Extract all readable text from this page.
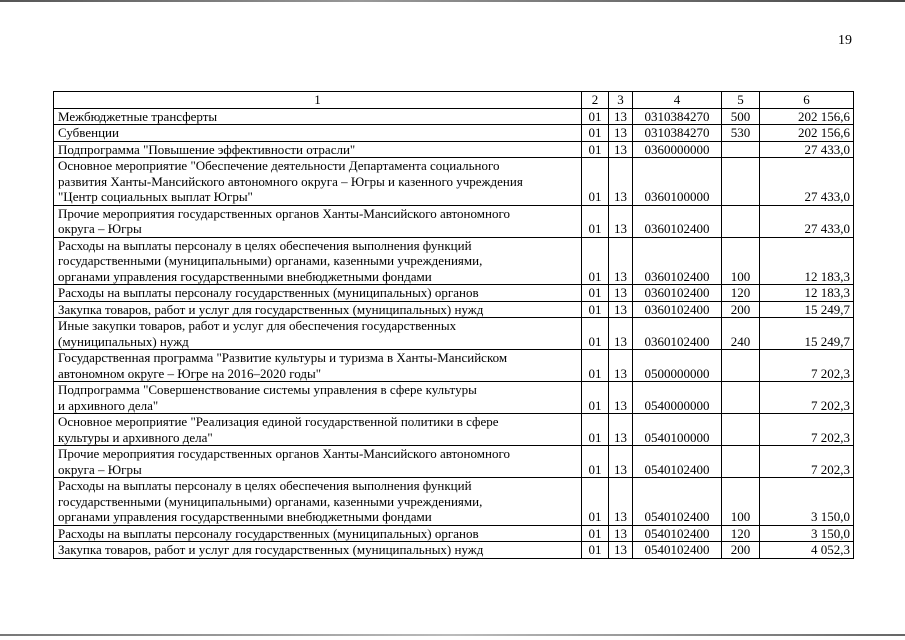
19
1	2	3	4	5	6
Межбюджетные трансферты	01	13	0310384270	500	202 156,6
Субвенции	01	13	0310384270	530	202 156,6
Подпрограмма "Повышение эффективности отрасли"	01	13	0360000000		27 433,0
Основное мероприятие "Обеспечение деятельности Департамента социального
развития Ханты-Мансийского автономного округа – Югры и казенного учреждения
"Центр социальных выплат Югры"	01	13	0360100000		27 433,0
Прочие мероприятия государственных органов Ханты-Мансийского автономного
округа – Югры	01	13	0360102400		27 433,0
Расходы на выплаты персоналу в целях обеспечения выполнения функций
государственными (муниципальными) органами, казенными учреждениями,
органами управления государственными внебюджетными фондами	01	13	0360102400	100	12 183,3
Расходы на выплаты персоналу государственных (муниципальных) органов	01	13	0360102400	120	12 183,3
Закупка товаров, работ и услуг для государственных (муниципальных) нужд	01	13	0360102400	200	15 249,7
Иные закупки товаров, работ и услуг для обеспечения государственных
(муниципальных) нужд	01	13	0360102400	240	15 249,7
Государственная программа "Развитие культуры и туризма в Ханты-Мансийском
автономном округе – Югре на 2016–2020 годы"	01	13	0500000000		7 202,3
Подпрограмма "Совершенствование системы управления в сфере культуры
и архивного дела"	01	13	0540000000		7 202,3
Основное мероприятие "Реализация единой государственной политики в сфере
культуры и архивного дела"	01	13	0540100000		7 202,3
Прочие мероприятия государственных органов Ханты-Мансийского автономного
округа – Югры	01	13	0540102400		7 202,3
Расходы на выплаты персоналу в целях обеспечения выполнения функций
государственными (муниципальными) органами, казенными учреждениями,
органами управления государственными внебюджетными фондами	01	13	0540102400	100	3 150,0
Расходы на выплаты персоналу государственных (муниципальных) органов	01	13	0540102400	120	3 150,0
Закупка товаров, работ и услуг для государственных (муниципальных) нужд	01	13	0540102400	200	4 052,3
